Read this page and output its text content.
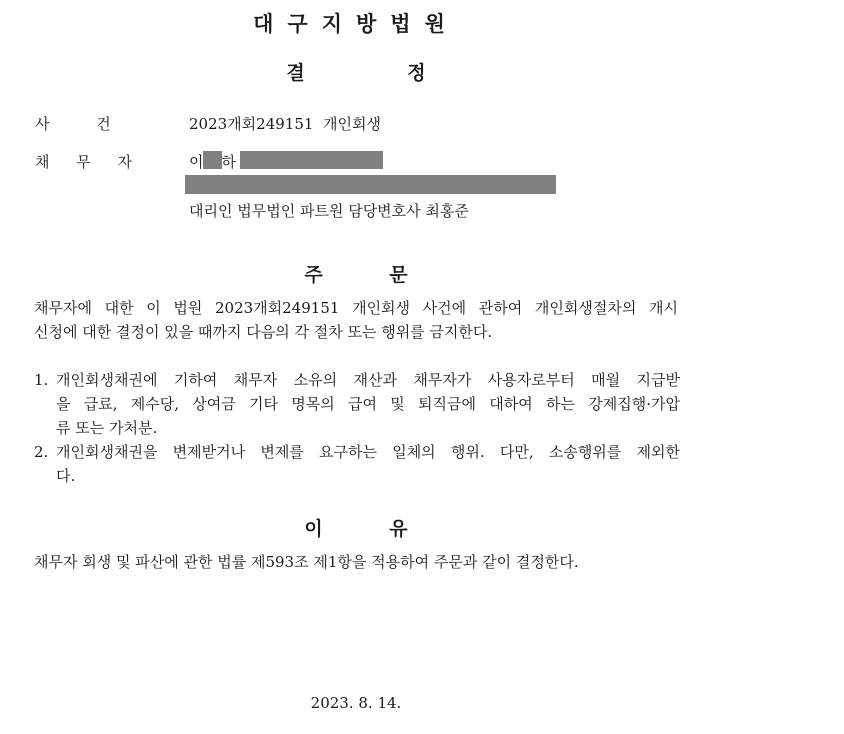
대구지방법원
결 정
사 건	2023개회249151 개인회생
채 무 자	이 하
대리인 법무법인 파트원 담당변호사 최홍준
주 문
채무자에 대한 이 법원 2023개회249151 개인회생 사건에 관하여 개인회생절차의 개시
신청에 대한 결정이 있을 때까지 다음의 각 절차 또는 행위를 금지한다.
1. 개인회생채권에 기하여 채무자 소유의 재산과 채무자가 사용자로부터 매월 지급받
을 급료, 제수당, 상여금 기타 명목의 급여 및 퇴직금에 대하여 하는 강제집행·가압
류 또는 가처분.
2. 개인회생채권을 변제받거나 변제를 요구하는 일체의 행위. 다만, 소송행위를 제외한
다.
이 유
채무자 회생 및 파산에 관한 법률 제593조 제1항을 적용하여 주문과 같이 결정한다.
2023. 8. 14.
